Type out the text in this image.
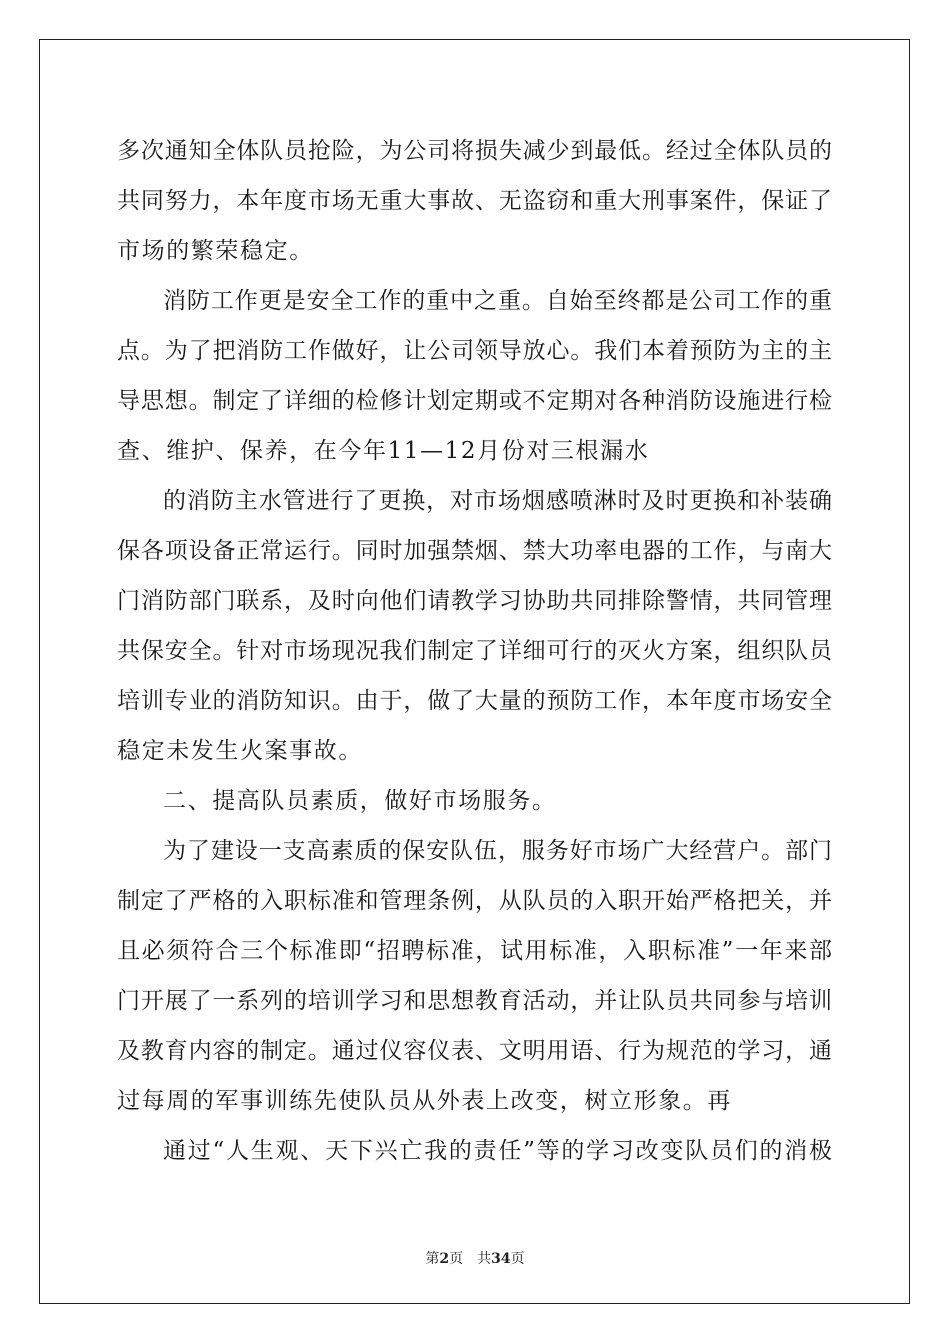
多次通知全体队员抢险，为公司将损失减少到最低。经过全体队员的
共同努力，本年度市场无重大事故、无盗窃和重大刑事案件，保证了
市场的繁荣稳定。
消防工作更是安全工作的重中之重。自始至终都是公司工作的重
点。为了把消防工作做好，让公司领导放心。我们本着预防为主的主
导思想。制定了详细的检修计划定期或不定期对各种消防设施进行检
查、维护、保养，在今年11—12月份对三根漏水
的消防主水管进行了更换，对市场烟感喷淋时及时更换和补装确
保各项设备正常运行。同时加强禁烟、禁大功率电器的工作，与南大
门消防部门联系，及时向他们请教学习协助共同排除警情，共同管理
共保安全。针对市场现况我们制定了详细可行的灭火方案，组织队员
培训专业的消防知识。由于，做了大量的预防工作，本年度市场安全
稳定未发生火案事故。
二、提高队员素质，做好市场服务。
为了建设一支高素质的保安队伍，服务好市场广大经营户。部门
制定了严格的入职标准和管理条例，从队员的入职开始严格把关，并
且必须符合三个标准即“招聘标准，试用标准，入职标准”一年来部
门开展了一系列的培训学习和思想教育活动，并让队员共同参与培训
及教育内容的制定。通过仪容仪表、文明用语、行为规范的学习，通
过每周的军事训练先使队员从外表上改变，树立形象。再
通过“人生观、天下兴亡我的责任”等的学习改变队员们的消极
第2页 共34页
